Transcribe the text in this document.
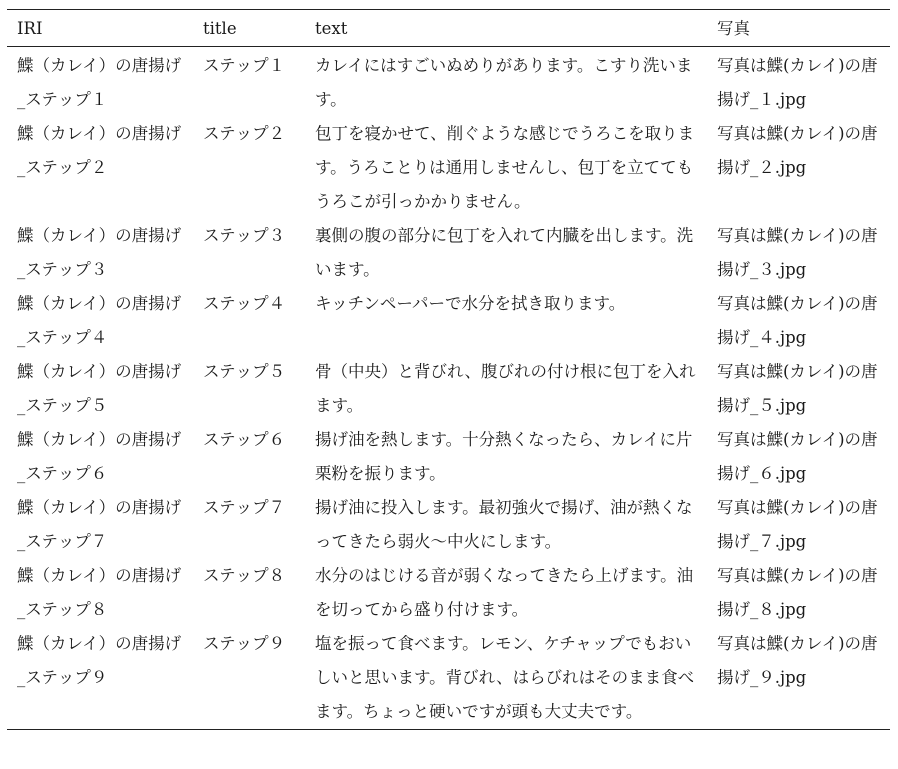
IRI	title	text	写真
鰈（カレイ）の唐揚げ_ステップ１	ステップ１	カレイにはすごいぬめりがあります。こすり洗います。	写真は鰈(カレイ)の唐揚げ_１.jpg
鰈（カレイ）の唐揚げ_ステップ２	ステップ２	包丁を寝かせて、削ぐような感じでうろこを取ります。うろことりは通用しませんし、包丁を立ててもうろこが引っかかりません。	写真は鰈(カレイ)の唐揚げ_２.jpg
鰈（カレイ）の唐揚げ_ステップ３	ステップ３	裏側の腹の部分に包丁を入れて内臓を出します。洗います。	写真は鰈(カレイ)の唐揚げ_３.jpg
鰈（カレイ）の唐揚げ_ステップ４	ステップ４	キッチンペーパーで水分を拭き取ります。	写真は鰈(カレイ)の唐揚げ_４.jpg
鰈（カレイ）の唐揚げ_ステップ５	ステップ５	骨（中央）と背びれ、腹びれの付け根に包丁を入れます。	写真は鰈(カレイ)の唐揚げ_５.jpg
鰈（カレイ）の唐揚げ_ステップ６	ステップ６	揚げ油を熱します。十分熱くなったら、カレイに片栗粉を振ります。	写真は鰈(カレイ)の唐揚げ_６.jpg
鰈（カレイ）の唐揚げ_ステップ７	ステップ７	揚げ油に投入します。最初強火で揚げ、油が熱くなってきたら弱火〜中火にします。	写真は鰈(カレイ)の唐揚げ_７.jpg
鰈（カレイ）の唐揚げ_ステップ８	ステップ８	水分のはじける音が弱くなってきたら上げます。油を切ってから盛り付けます。	写真は鰈(カレイ)の唐揚げ_８.jpg
鰈（カレイ）の唐揚げ_ステップ９	ステップ９	塩を振って食べます。レモン、ケチャップでもおいしいと思います。背びれ、はらびれはそのまま食べます。ちょっと硬いですが頭も大丈夫です。	写真は鰈(カレイ)の唐揚げ_９.jpg
